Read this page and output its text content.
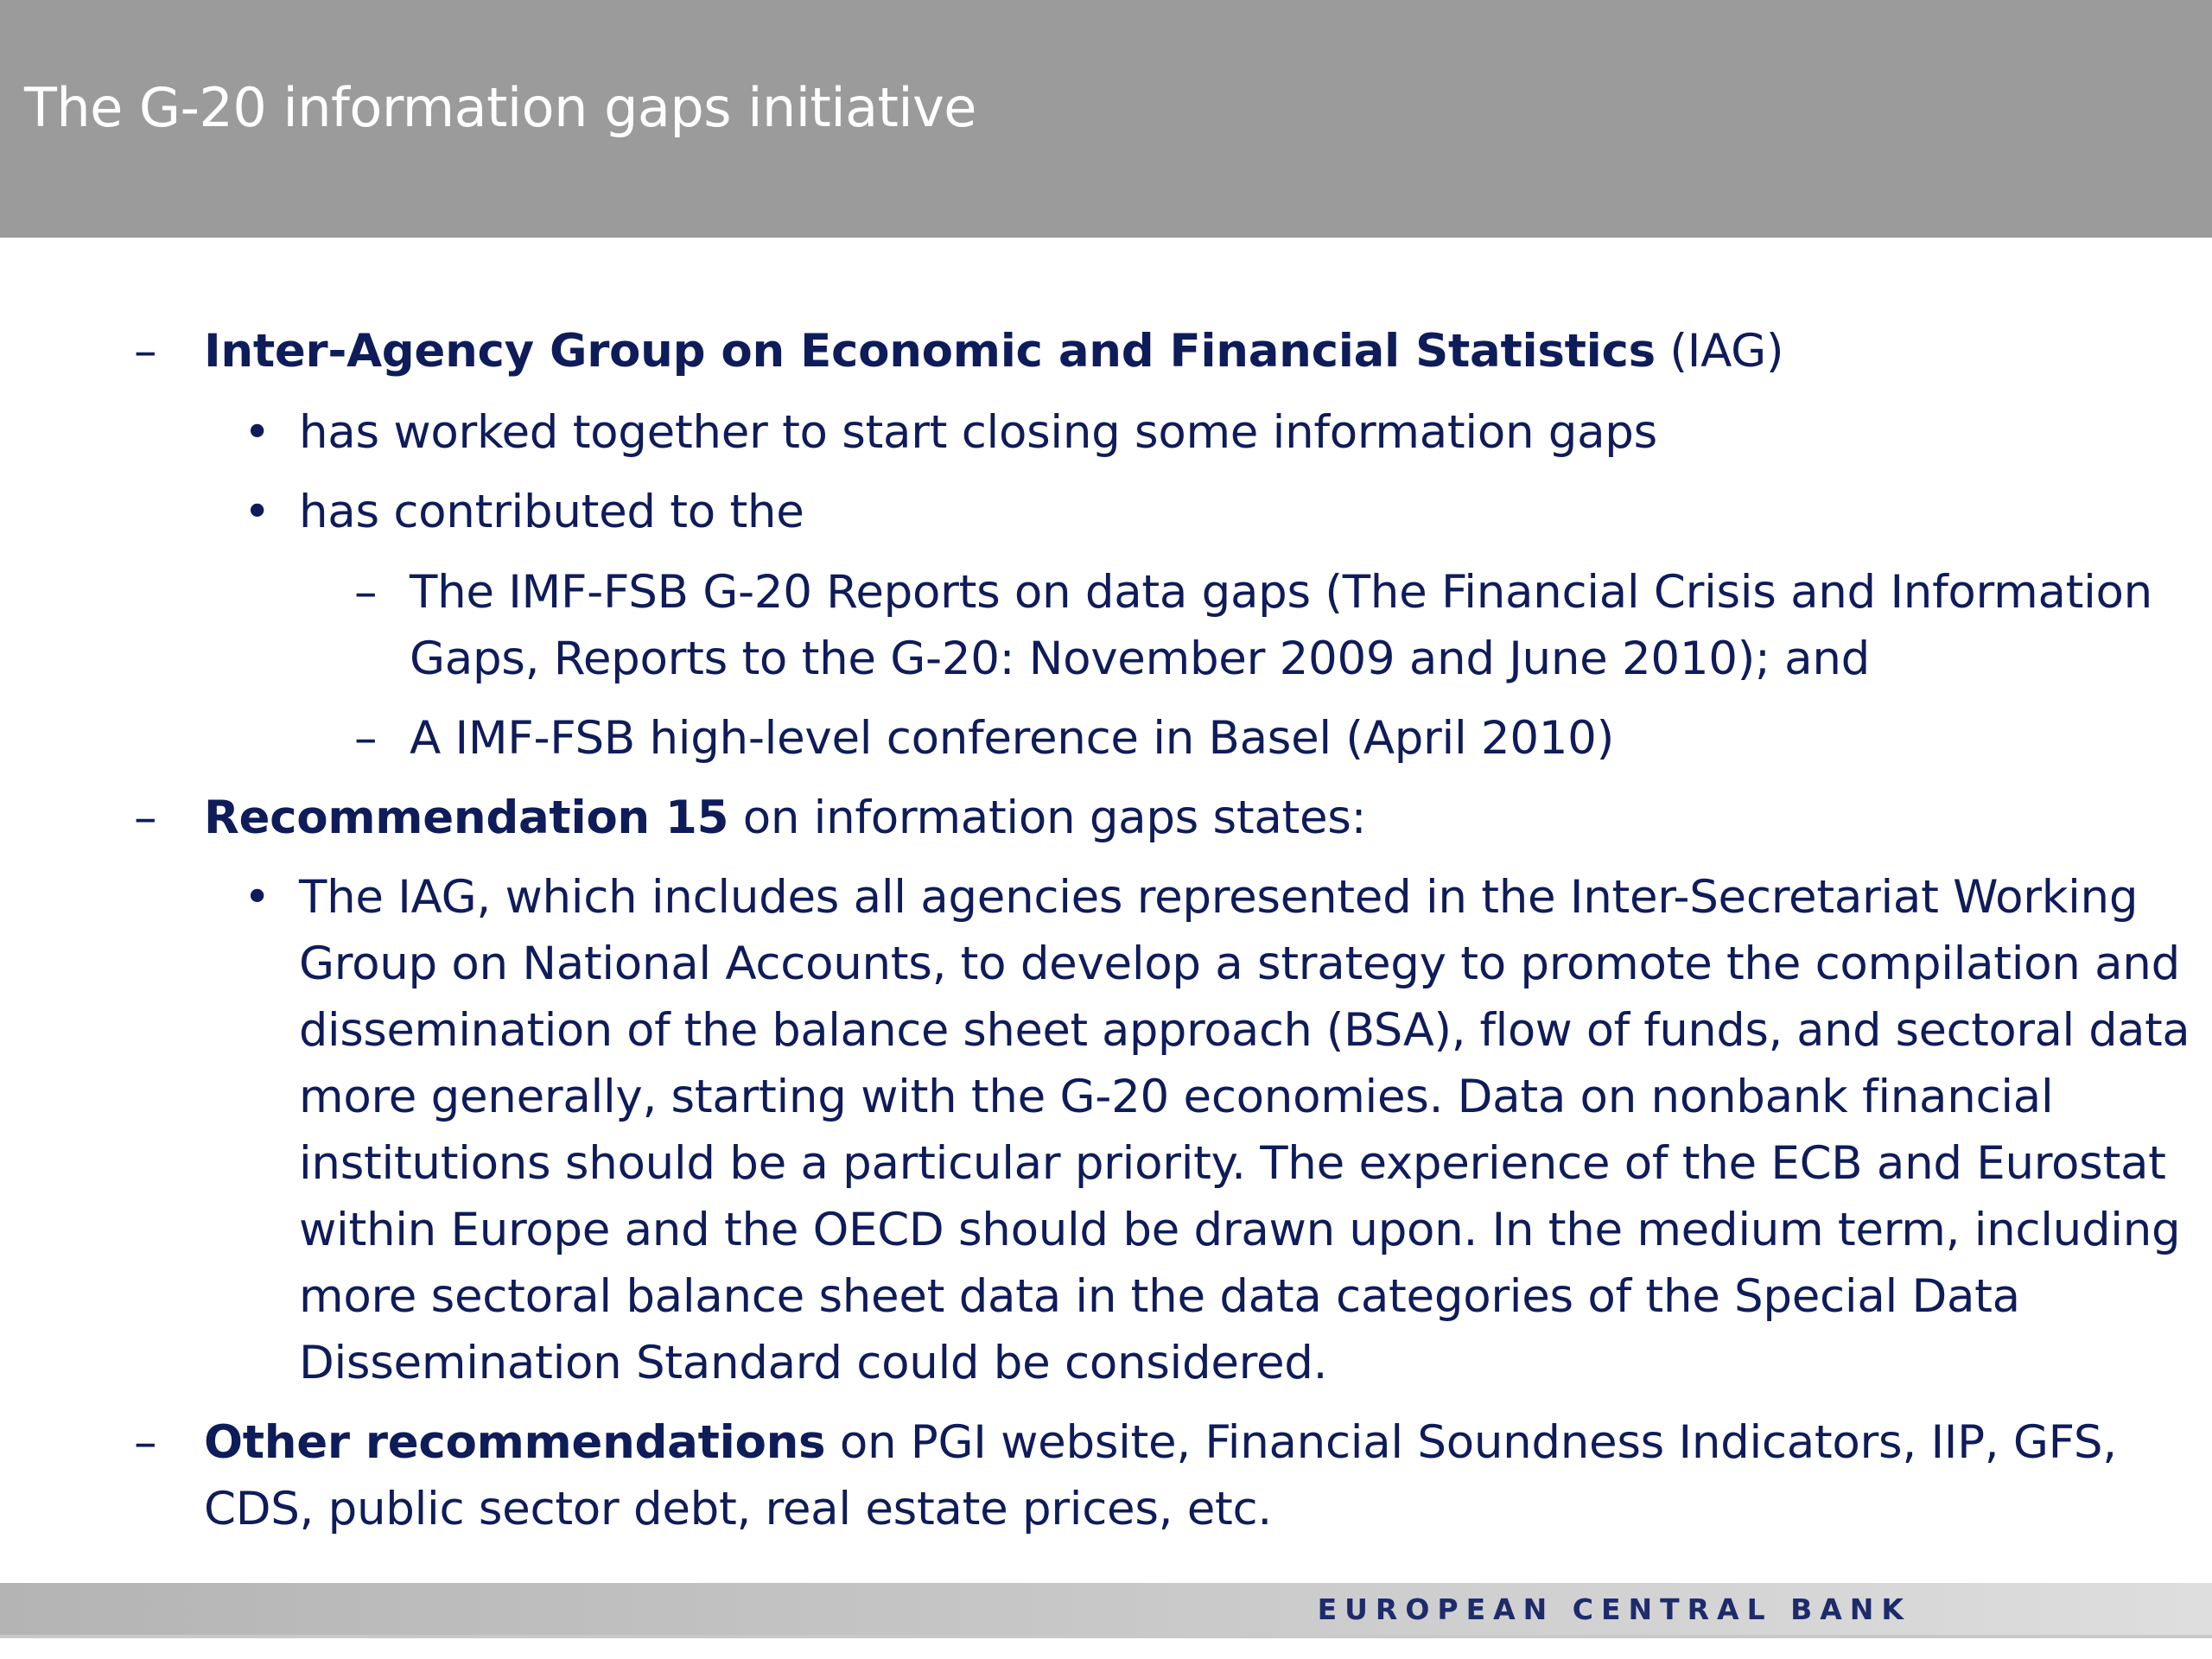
The G-20 information gaps initiative
– Inter-Agency Group on Economic and Financial Statistics (IAG)
• has worked together to start closing some information gaps
• has contributed to the
– The IMF-FSB G-20 Reports on data gaps (The Financial Crisis and Information
Gaps, Reports to the G-20: November 2009 and June 2010); and
– A IMF-FSB high-level conference in Basel (April 2010)
– Recommendation 15 on information gaps states:
• The IAG, which includes all agencies represented in the Inter-Secretariat Working
Group on National Accounts, to develop a strategy to promote the compilation and
dissemination of the balance sheet approach (BSA), flow of funds, and sectoral data
more generally, starting with the G-20 economies. Data on nonbank financial
institutions should be a particular priority. The experience of the ECB and Eurostat
within Europe and the OECD should be drawn upon. In the medium term, including
more sectoral balance sheet data in the data categories of the Special Data
Dissemination Standard could be considered.
– Other recommendations on PGI website, Financial Soundness Indicators, IIP, GFS,
CDS, public sector debt, real estate prices, etc.
EUROPEAN CENTRAL BANK
